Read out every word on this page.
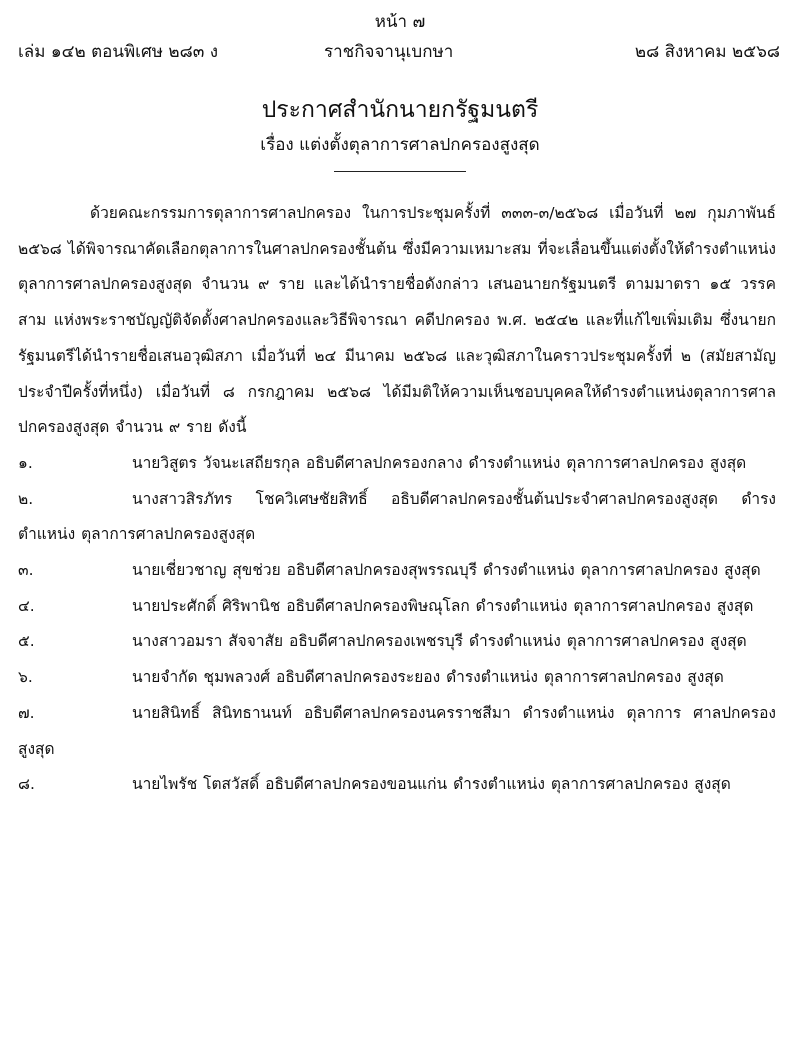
หน้า ๗
เล่ม ๑๔๒ ตอนพิเศษ ๒๘๓ ง	ราชกิจจานุเบกษา	๒๘ สิงหาคม ๒๕๖๘
ประกาศสำนักนายกรัฐมนตรี
เรื่อง แต่งตั้งตุลาการศาลปกครองสูงสุด

ด้วยคณะกรรมการตุลาการศาลปกครอง ในการประชุมครั้งที่ ๓๓๓-๓/๒๕๖๘ เมื่อวันที่ ๒๗ กุมภาพันธ์ ๒๕๖๘ ได้พิจารณาคัดเลือกตุลาการในศาลปกครองชั้นต้น ซึ่งมีความเหมาะสม ที่จะเลื่อนขึ้นแต่งตั้งให้ดำรงตำแหน่งตุลาการศาลปกครองสูงสุด จำนวน ๙ ราย และได้นำรายชื่อดังกล่าว เสนอนายกรัฐมนตรี ตามมาตรา ๑๕ วรรคสาม แห่งพระราชบัญญัติจัดตั้งศาลปกครองและวิธีพิจารณา คดีปกครอง พ.ศ. ๒๕๔๒ และที่แก้ไขเพิ่มเติม ซึ่งนายกรัฐมนตรีได้นำรายชื่อเสนอวุฒิสภา เมื่อวันที่ ๒๔ มีนาคม ๒๕๖๘ และวุฒิสภาในคราวประชุมครั้งที่ ๒ (สมัยสามัญประจำปีครั้งที่หนึ่ง) เมื่อวันที่ ๘ กรกฎาคม ๒๕๖๘ ได้มีมติให้ความเห็นชอบบุคคลให้ดำรงตำแหน่งตุลาการศาลปกครองสูงสุด จำนวน ๙ ราย ดังนี้

๑.	นายวิสูตร วัจนะเสถียรกุล อธิบดีศาลปกครองกลาง ดำรงตำแหน่ง ตุลาการศาลปกครอง สูงสุด

๒.	นางสาวสิรภัทร โชควิเศษชัยสิทธิ์ อธิบดีศาลปกครองชั้นต้นประจำศาลปกครองสูงสุด ดำรงตำแหน่ง ตุลาการศาลปกครองสูงสุด

๓.	นายเชี่ยวชาญ สุขช่วย อธิบดีศาลปกครองสุพรรณบุรี ดำรงตำแหน่ง ตุลาการศาลปกครอง สูงสุด

๔.	นายประศักดิ์ ศิริพานิช อธิบดีศาลปกครองพิษณุโลก ดำรงตำแหน่ง ตุลาการศาลปกครอง สูงสุด

๕.	นางสาวอมรา สัจจาสัย อธิบดีศาลปกครองเพชรบุรี ดำรงตำแหน่ง ตุลาการศาลปกครอง สูงสุด

๖.	นายจำกัด ชุมพลวงศ์ อธิบดีศาลปกครองระยอง ดำรงตำแหน่ง ตุลาการศาลปกครอง สูงสุด

๗.	นายสินิทธิ์ สินิทธานนท์ อธิบดีศาลปกครองนครราชสีมา ดำรงตำแหน่ง ตุลาการ ศาลปกครองสูงสุด

๘.	นายไพรัช โตสวัสดิ์ อธิบดีศาลปกครองขอนแก่น ดำรงตำแหน่ง ตุลาการศาลปกครอง สูงสุด
